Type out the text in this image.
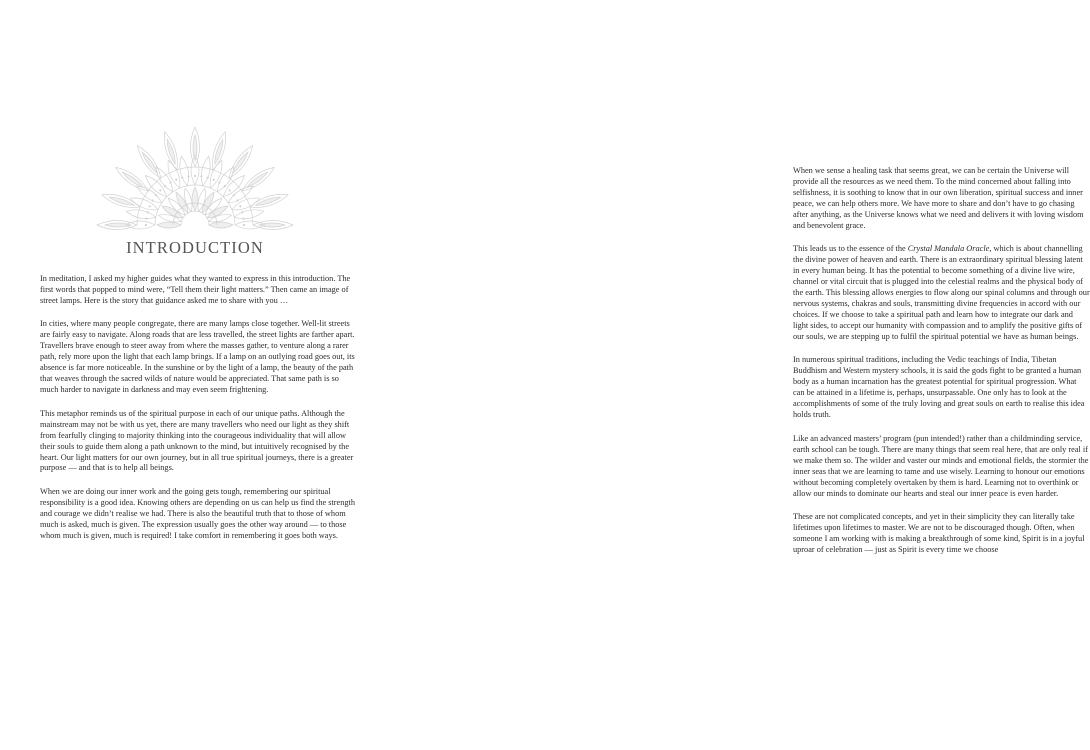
INTRODUCTION

In meditation, I asked my higher guides what they wanted to express in this introduction. The first words that popped to mind were, “Tell them their light matters.” Then came an image of street lamps. Here is the story that guidance asked me to share with you …

In cities, where many people congregate, there are many lamps close together. Well-lit streets are fairly easy to navigate. Along roads that are less travelled, the street lights are farther apart. Travellers brave enough to steer away from where the masses gather, to venture along a rarer path, rely more upon the light that each lamp brings. If a lamp on an outlying road goes out, its absence is far more noticeable. In the sunshine or by the light of a lamp, the beauty of the path that weaves through the sacred wilds of nature would be appreciated. That same path is so much harder to navigate in darkness and may even seem frightening.

This metaphor reminds us of the spiritual purpose in each of our unique paths. Although the mainstream may not be with us yet, there are many travellers who need our light as they shift from fearfully clinging to majority thinking into the courageous individuality that will allow their souls to guide them along a path unknown to the mind, but intuitively recognised by the heart. Our light matters for our own journey, but in all true spiritual journeys, there is a greater purpose — and that is to help all beings.

When we are doing our inner work and the going gets tough, remembering our spiritual responsibility is a good idea. Knowing others are depending on us can help us find the strength and courage we didn’t realise we had. There is also the beautiful truth that to those of whom much is asked, much is given. The expression usually goes the other way around — to those whom much is given, much is required! I take comfort in remembering it goes both ways.

When we sense a healing task that seems great, we can be certain the Universe will provide all the resources as we need them. To the mind concerned about falling into selfishness, it is soothing to know that in our own liberation, spiritual success and inner peace, we can help others more. We have more to share and don’t have to go chasing after anything, as the Universe knows what we need and delivers it with loving wisdom and benevolent grace.

This leads us to the essence of the Crystal Mandala Oracle, which is about channelling the divine power of heaven and earth. There is an extraordinary spiritual blessing latent in every human being. It has the potential to become something of a divine live wire, channel or vital circuit that is plugged into the celestial realms and the physical body of the earth. This blessing allows energies to flow along our spinal columns and through our nervous systems, chakras and souls, transmitting divine frequencies in accord with our choices. If we choose to take a spiritual path and learn how to integrate our dark and light sides, to accept our humanity with compassion and to amplify the positive gifts of our souls, we are stepping up to fulfil the spiritual potential we have as human beings.

In numerous spiritual traditions, including the Vedic teachings of India, Tibetan Buddhism and Western mystery schools, it is said the gods fight to be granted a human body as a human incarnation has the greatest potential for spiritual progression. What can be attained in a lifetime is, perhaps, unsurpassable. One only has to look at the accomplishments of some of the truly loving and great souls on earth to realise this idea holds truth.

Like an advanced masters’ program (pun intended!) rather than a childminding service, earth school can be tough. There are many things that seem real here, that are only real if we make them so. The wilder and vaster our minds and emotional fields, the stormier the inner seas that we are learning to tame and use wisely. Learning to honour our emotions without becoming completely overtaken by them is hard. Learning not to overthink or allow our minds to dominate our hearts and steal our inner peace is even harder.

These are not complicated concepts, and yet in their simplicity they can literally take lifetimes upon lifetimes to master. We are not to be discouraged though. Often, when someone I am working with is making a breakthrough of some kind, Spirit is in a joyful uproar of celebration — just as Spirit is every time we choose
